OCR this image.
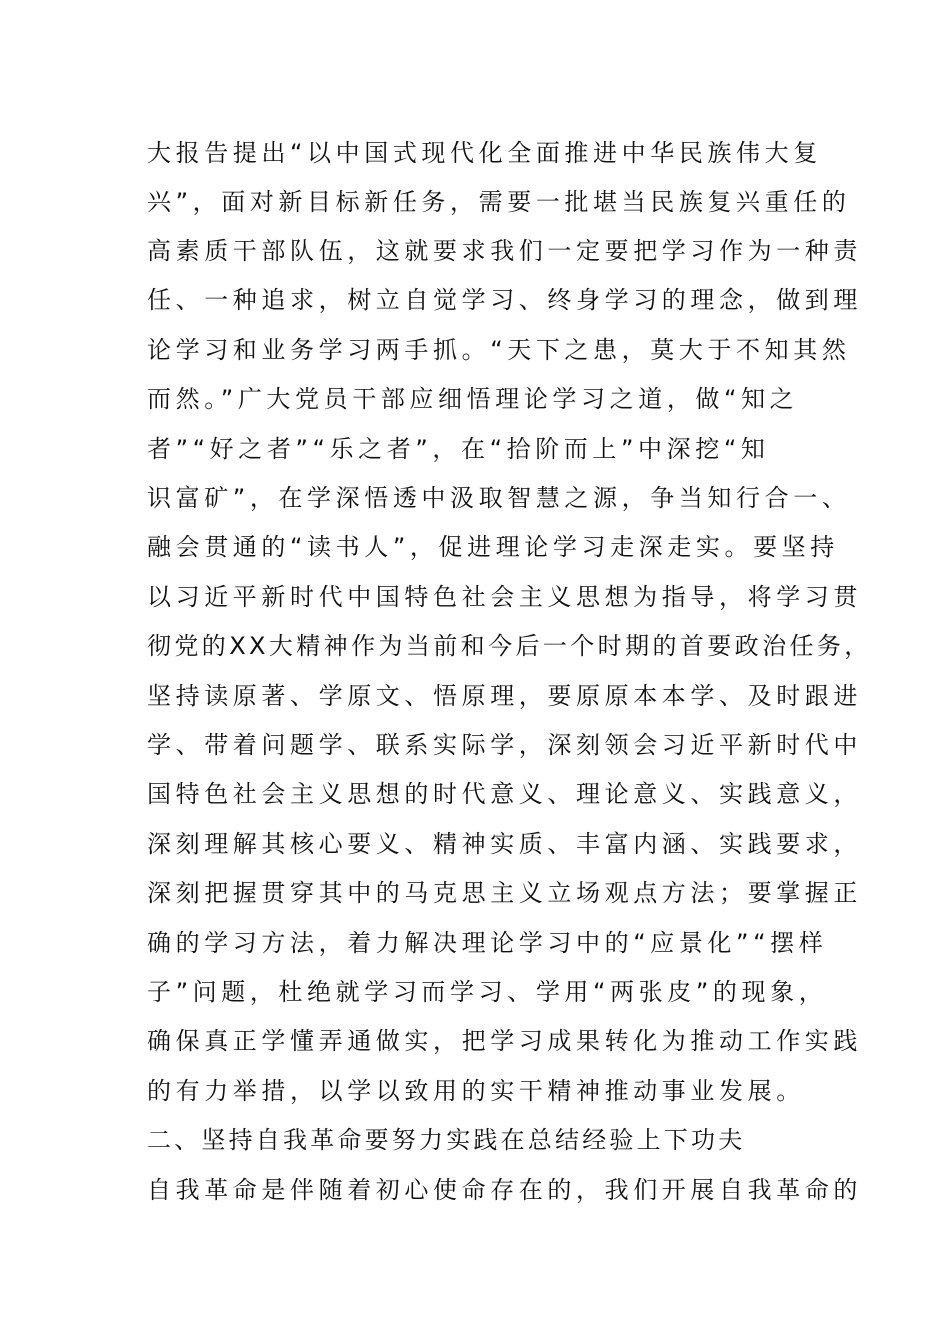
大报告提出“以中国式现代化全面推进中华民族伟大复
兴”，面对新目标新任务，需要一批堪当民族复兴重任的
高素质干部队伍，这就要求我们一定要把学习作为一种责
任、一种追求，树立自觉学习、终身学习的理念，做到理
论学习和业务学习两手抓。“天下之患，莫大于不知其然
而然。”广大党员干部应细悟理论学习之道，做“知之
者”“好之者”“乐之者”，在“拾阶而上”中深挖“知
识富矿”，在学深悟透中汲取智慧之源，争当知行合一、
融会贯通的“读书人”，促进理论学习走深走实。要坚持
以习近平新时代中国特色社会主义思想为指导，将学习贯
彻党的XX大精神作为当前和今后一个时期的首要政治任务，
坚持读原著、学原文、悟原理，要原原本本学、及时跟进
学、带着问题学、联系实际学，深刻领会习近平新时代中
国特色社会主义思想的时代意义、理论意义、实践意义，
深刻理解其核心要义、精神实质、丰富内涵、实践要求，
深刻把握贯穿其中的马克思主义立场观点方法；要掌握正
确的学习方法，着力解决理论学习中的“应景化”“摆样
子”问题，杜绝就学习而学习、学用“两张皮”的现象，
确保真正学懂弄通做实，把学习成果转化为推动工作实践
的有力举措，以学以致用的实干精神推动事业发展。
二、坚持自我革命要努力实践在总结经验上下功夫
自我革命是伴随着初心使命存在的，我们开展自我革命的
